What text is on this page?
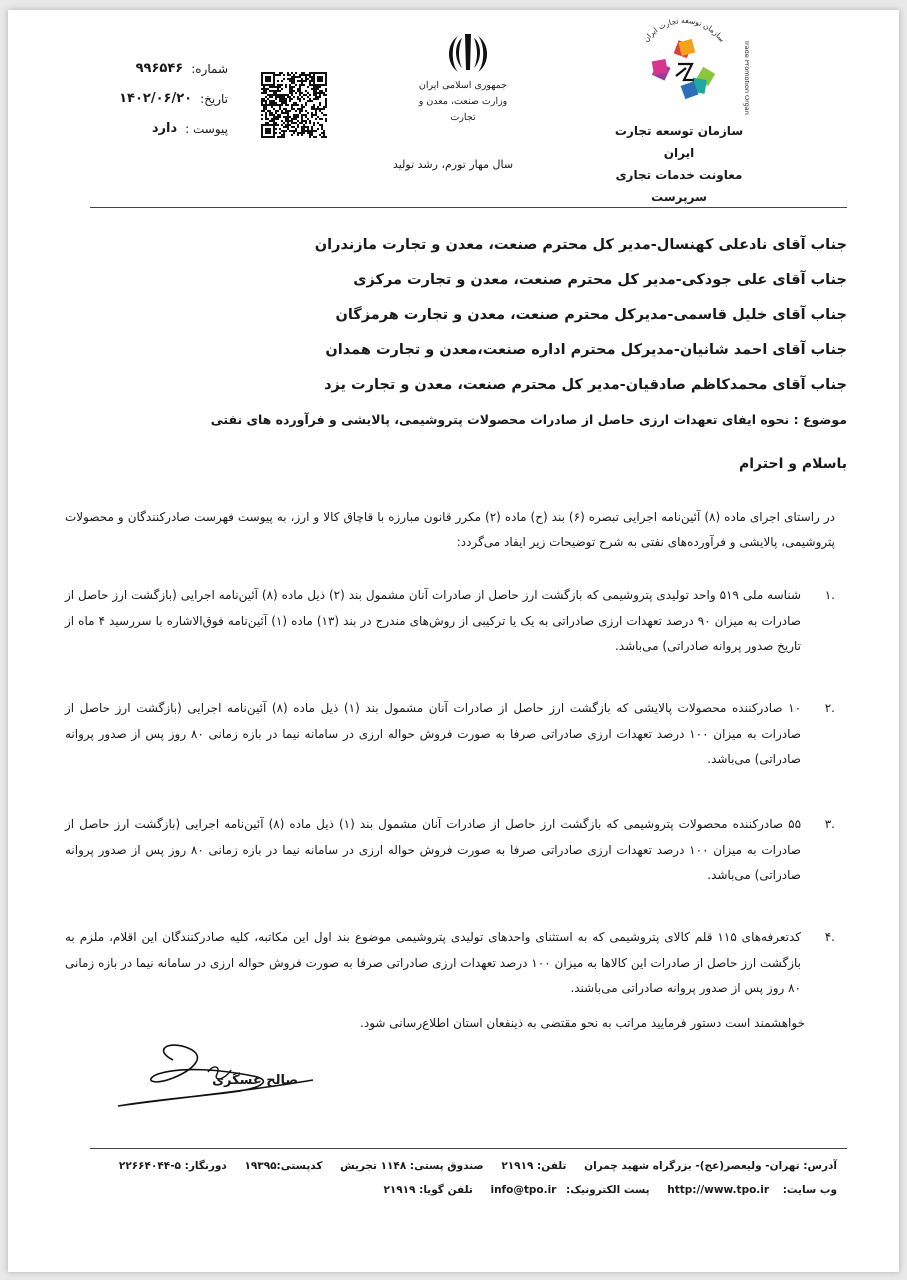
سازمان توسعه تجارت ایران
Trade Promotion
سازمان توسعه تجارت ایران
معاونت خدمات تجاری
سرپرست
جمهوری اسلامی ایران
وزارت صنعت، معدن و تجارت
سال مهار تورم، رشد تولید
شماره:
۹۹۶۵۴۶
تاریخ:
۱۴۰۲/۰۶/۲۰
پیوست :
دارد
جناب آقای نادعلی کهنسال-مدیر کل محترم صنعت، معدن و تجارت مازندران
جناب آقای علی جودکی-مدیر کل محترم صنعت، معدن و تجارت مرکزی
جناب آقای خلیل قاسمی-مدیرکل محترم صنعت، معدن و تجارت هرمزگان
جناب آقای احمد شانیان-مدیرکل محترم اداره صنعت،معدن و تجارت همدان
جناب آقای محمدکاظم صادقیان-مدیر کل محترم صنعت، معدن و تجارت یزد
موضوع : نحوه ایفای تعهدات ارزی حاصل از صادرات محصولات پتروشیمی، پالایشی و فرآورده های نفتی
باسلام و احترام
در راستای اجرای ماده (۸) آئین‌نامه اجرایی تبصره (۶) بند (ح) ماده (۲) مکرر قانون مبارزه با قاچاق کالا و ارز، به پیوست فهرست صادرکنندگان و محصولات پتروشیمی، پالایشی و فرآورده‌های نفتی به شرح توضیحات زیر ایفاد می‌گردد:
.۱
شناسه ملی ۵۱۹ واحد تولیدی پتروشیمی که بازگشت ارز حاصل از صادرات آنان مشمول بند (۲) ذیل ماده (۸) آئین‌نامه اجرایی (بازگشت ارز حاصل از صادرات به میزان ۹۰ درصد تعهدات ارزی صادراتی به یک یا ترکیبی از روش‌های مندرج در بند (۱۳) ماده (۱) آئین‌نامه فوق‌الاشاره با سررسید ۴ ماه از تاریخ صدور پروانه صادراتی) می‌باشد.
.۲
۱۰ صادرکننده محصولات پالایشی که بازگشت ارز حاصل از صادرات آنان مشمول بند (۱) ذیل ماده (۸) آئین‌نامه اجرایی (بازگشت ارز حاصل از صادرات به میزان ۱۰۰ درصد تعهدات ارزی صادراتی صرفا به صورت فروش حواله ارزی در سامانه نیما در بازه زمانی ۸۰ روز پس از صدور پروانه صادراتی) می‌باشد.
.۳
۵۵ صادرکننده محصولات پتروشیمی که بازگشت ارز حاصل از صادرات آنان مشمول بند (۱) ذیل ماده (۸) آئین‌نامه اجرایی (بازگشت ارز حاصل از صادرات به میزان ۱۰۰ درصد تعهدات ارزی صادراتی صرفا به صورت فروش حواله ارزی در سامانه نیما در بازه زمانی ۸۰ روز پس از صدور پروانه صادراتی) می‌باشد.
.۴
کدتعرفه‌های ۱۱۵ قلم کالای پتروشیمی که به استثنای واحدهای تولیدی پتروشیمی موضوع بند اول این مکاتبه، کلیه صادرکنندگان این اقلام، ملزم به بازگشت ارز حاصل از صادرات این کالاها به میزان ۱۰۰ درصد تعهدات ارزی صادراتی صرفا به صورت فروش حواله ارزی در سامانه نیما در بازه زمانی ۸۰ روز پس از صدور پروانه صادراتی می‌باشند.
خواهشمند است دستور فرمایید مراتب به نحو مقتضی به ذینفعان استان اطلاع‌رسانی شود.
صالح عسگری
آدرس: تهران- ولیعصر(عج)- بزرگراه شهید چمران تلفن: ۲۱۹۱۹ صندوق پستی: ۱۱۴۸ تجریش کدپستی:۱۹۳۹۵ دورنگار: ۵-۲۲۶۶۴۰۴۴
وب سایت: http://www.tpo.ir پست الکترونیک: info@tpo.ir تلفن گویا: ۲۱۹۱۹
